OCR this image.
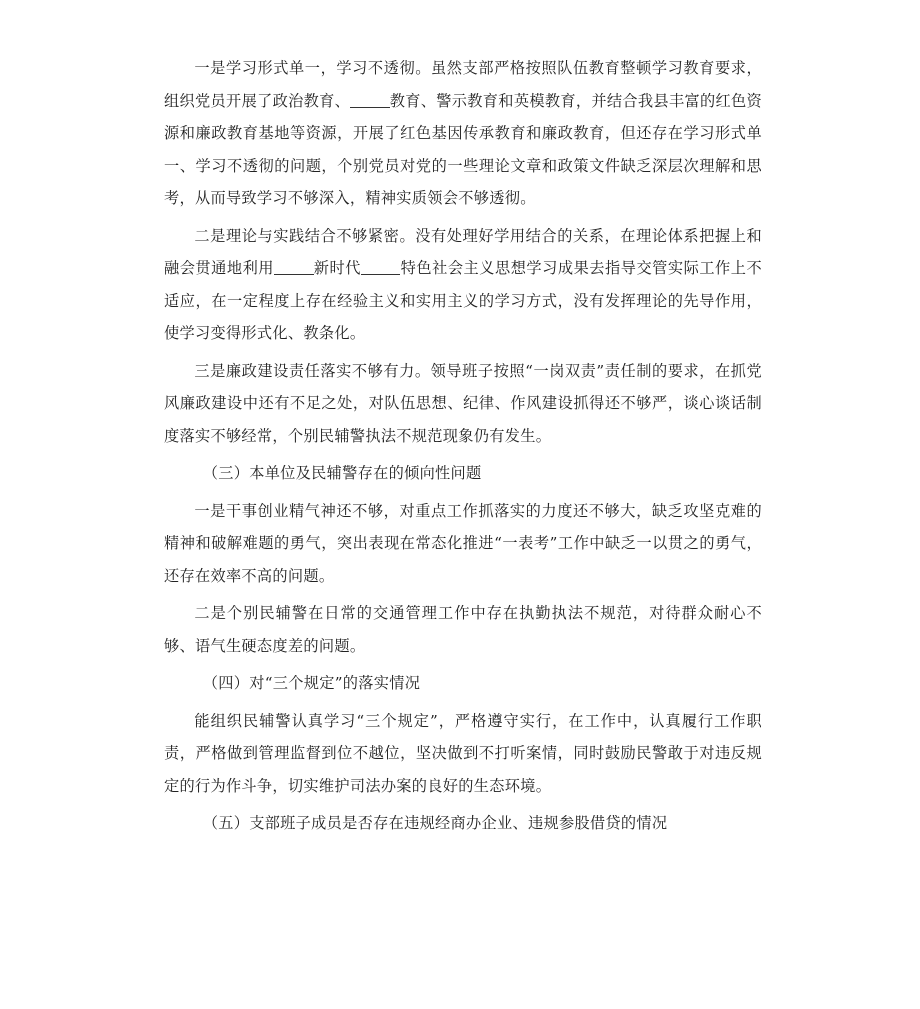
一是学习形式单一，学习不透彻。虽然支部严格按照队伍教育整顿学习教育要求，组织党员开展了政治教育、	教育、警示教育和英模教育，并结合我县丰富的红色资源和廉政教育基地等资源，开展了红色基因传承教育和廉政教育，但还存在学习形式单一、学习不透彻的问题，个别党员对党的一些理论文章和政策文件缺乏深层次理解和思考，从而导致学习不够深入，精神实质领会不够透彻。

二是理论与实践结合不够紧密。没有处理好学用结合的关系，在理论体系把握上和融会贯通地利用	新时代	特色社会主义思想学习成果去指导交管实际工作上不适应，在一定程度上存在经验主义和实用主义的学习方式，没有发挥理论的先导作用，使学习变得形式化、教条化。

三是廉政建设责任落实不够有力。领导班子按照“一岗双责”责任制的要求，在抓党风廉政建设中还有不足之处，对队伍思想、纪律、作风建设抓得还不够严，谈心谈话制度落实不够经常，个别民辅警执法不规范现象仍有发生。

（三）本单位及民辅警存在的倾向性问题

一是干事创业精气神还不够，对重点工作抓落实的力度还不够大，缺乏攻坚克难的精神和破解难题的勇气，突出表现在常态化推进“一表考”工作中缺乏一以贯之的勇气，还存在效率不高的问题。

二是个别民辅警在日常的交通管理工作中存在执勤执法不规范，对待群众耐心不够、语气生硬态度差的问题。

（四）对“三个规定”的落实情况

能组织民辅警认真学习“三个规定”，严格遵守实行，在工作中，认真履行工作职责，严格做到管理监督到位不越位，坚决做到不打听案情，同时鼓励民警敢于对违反规定的行为作斗争，切实维护司法办案的良好的生态环境。

（五）支部班子成员是否存在违规经商办企业、违规参股借贷的情况
